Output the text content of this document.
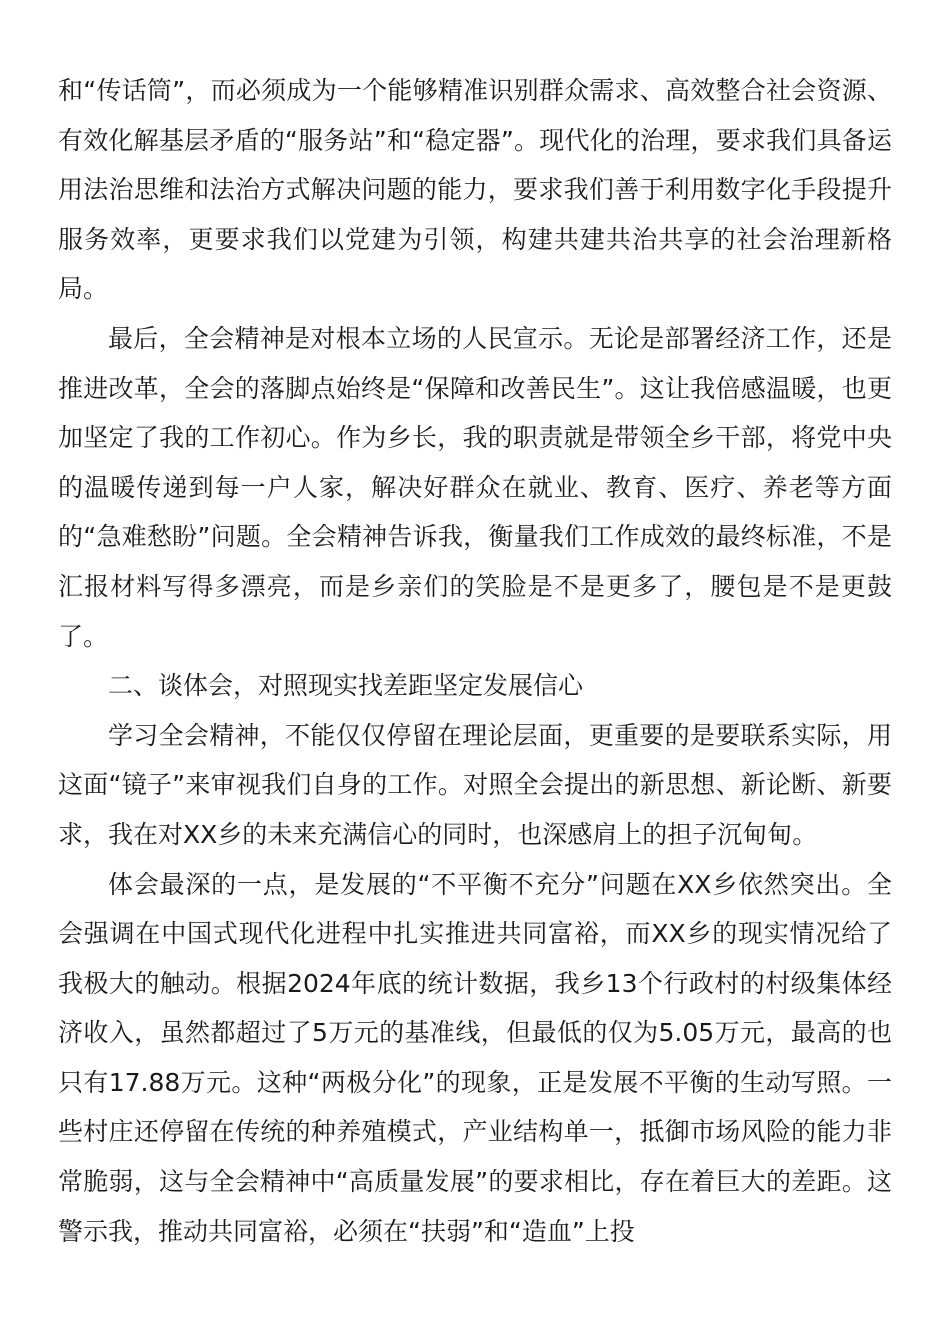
和“传话筒”，而必须成为一个能够精准识别群众需求、高效整合社会资源、有效化解基层矛盾的“服务站”和“稳定器”。现代化的治理，要求我们具备运用法治思维和法治方式解决问题的能力，要求我们善于利用数字化手段提升服务效率，更要求我们以党建为引领，构建共建共治共享的社会治理新格局。

最后，全会精神是对根本立场的人民宣示。无论是部署经济工作，还是推进改革，全会的落脚点始终是“保障和改善民生”。这让我倍感温暖，也更加坚定了我的工作初心。作为乡长，我的职责就是带领全乡干部，将党中央的温暖传递到每一户人家，解决好群众在就业、教育、医疗、养老等方面的“急难愁盼”问题。全会精神告诉我，衡量我们工作成效的最终标准，不是汇报材料写得多漂亮，而是乡亲们的笑脸是不是更多了，腰包是不是更鼓了。

二、谈体会，对照现实找差距坚定发展信心

学习全会精神，不能仅仅停留在理论层面，更重要的是要联系实际，用这面“镜子”来审视我们自身的工作。对照全会提出的新思想、新论断、新要求，我在对XX乡的未来充满信心的同时，也深感肩上的担子沉甸甸。

体会最深的一点，是发展的“不平衡不充分”问题在XX乡依然突出。全会强调在中国式现代化进程中扎实推进共同富裕，而XX乡的现实情况给了我极大的触动。根据2024年底的统计数据，我乡13个行政村的村级集体经济收入，虽然都超过了5万元的基准线，但最低的仅为5.05万元，最高的也只有17.88万元。这种“两极分化”的现象，正是发展不平衡的生动写照。一些村庄还停留在传统的种养殖模式，产业结构单一，抵御市场风险的能力非常脆弱，这与全会精神中“高质量发展”的要求相比，存在着巨大的差距。这警示我，推动共同富裕，必须在“扶弱”和“造血”上投
